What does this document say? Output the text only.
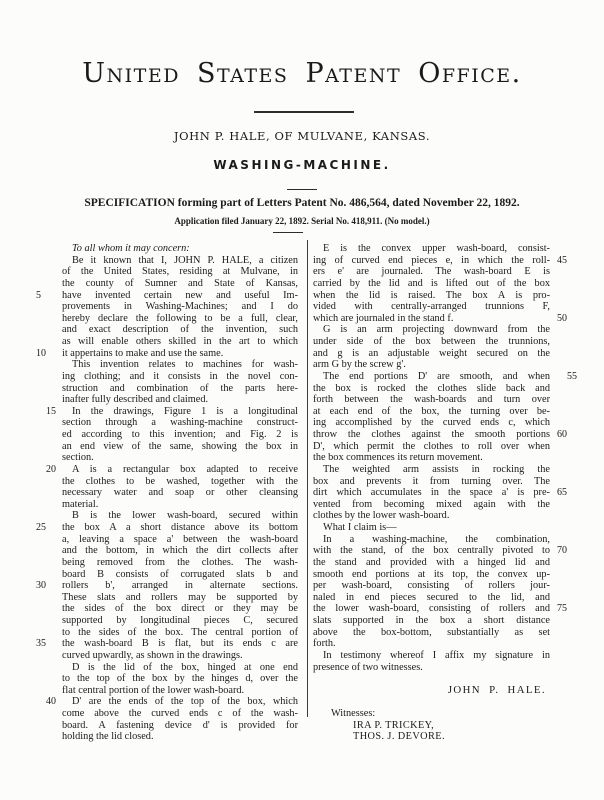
United States Patent Office.
JOHN P. HALE, OF MULVANE, KANSAS.
WASHING-MACHINE.
SPECIFICATION forming part of Letters Patent No. 486,564, dated November 22, 1892.
Application filed January 22, 1892. Serial No. 418,911. (No model.)
To all whom it may concern:
Be it known that I, JOHN P. HALE, a citizen
of the United States, residing at Mulvane, in
the county of Sumner and State of Kansas,
have invented certain new and useful Im-
5
provements in Washing-Machines; and I do
hereby declare the following to be a full, clear,
and exact description of the invention, such
as will enable others skilled in the art to which
it appertains to make and use the same.
10
This invention relates to machines for wash-
ing clothing; and it consists in the novel con-
struction and combination of the parts here-
inafter fully described and claimed.
In the drawings, Figure 1 is a longitudinal
15
section through a washing-machine construct-
ed according to this invention; and Fig. 2 is
an end view of the same, showing the box in
section.
A is a rectangular box adapted to receive
20
the clothes to be washed, together with the
necessary water and soap or other cleansing
material.
B is the lower wash-board, secured within
the box A a short distance above its bottom
25
a, leaving a space a' between the wash-board
and the bottom, in which the dirt collects after
being removed from the clothes. The wash-
board B consists of corrugated slats b and
rollers b', arranged in alternate sections.
30
These slats and rollers may be supported by
the sides of the box direct or they may be
supported by longitudinal pieces C, secured
to the sides of the box. The central portion of
the wash-board B is flat, but its ends c are
35
curved upwardly, as shown in the drawings.
D is the lid of the box, hinged at one end
to the top of the box by the hinges d, over the
flat central portion of the lower wash-board.
D' are the ends of the top of the box, which
40
come above the curved ends c of the wash-
board. A fastening device d' is provided for
holding the lid closed.
E is the convex upper wash-board, consist-
ing of curved end pieces e, in which the roll- 45
ers e' are journaled. The wash-board E is
carried by the lid and is lifted out of the box
when the lid is raised. The box A is pro-
vided with centrally-arranged trunnions F,
which are journaled in the stand f.	50
G is an arm projecting downward from the
under side of the box between the trunnions,
and g is an adjustable weight secured on the
arm G by the screw g'.
The end portions D' are smooth, and when	55
the box is rocked the clothes slide back and
forth between the wash-boards and turn over
at each end of the box, the turning over be-
ing accomplished by the curved ends c, which
throw the clothes against the smooth portions 60
D', which permit the clothes to roll over when
the box commences its return movement.
The weighted arm assists in rocking the
box and prevents it from turning over. The
dirt which accumulates in the space a' is pre- 65
vented from becoming mixed again with the
clothes by the lower wash-board.
What I claim is—
In a washing-machine, the combination,
with the stand, of the box centrally pivoted to 70
the stand and provided with a hinged lid and
smooth end portions at its top, the convex up-
per wash-board, consisting of rollers jour-
naled in end pieces secured to the lid, and
the lower wash-board, consisting of rollers and 75
slats supported in the box a short distance
above the box-bottom, substantially as set
forth.
In testimony whereof I affix my signature in
presence of two witnesses.
JOHN P. HALE.
Witnesses:
IRA P. TRICKEY,
THOS. J. DEVORE.
